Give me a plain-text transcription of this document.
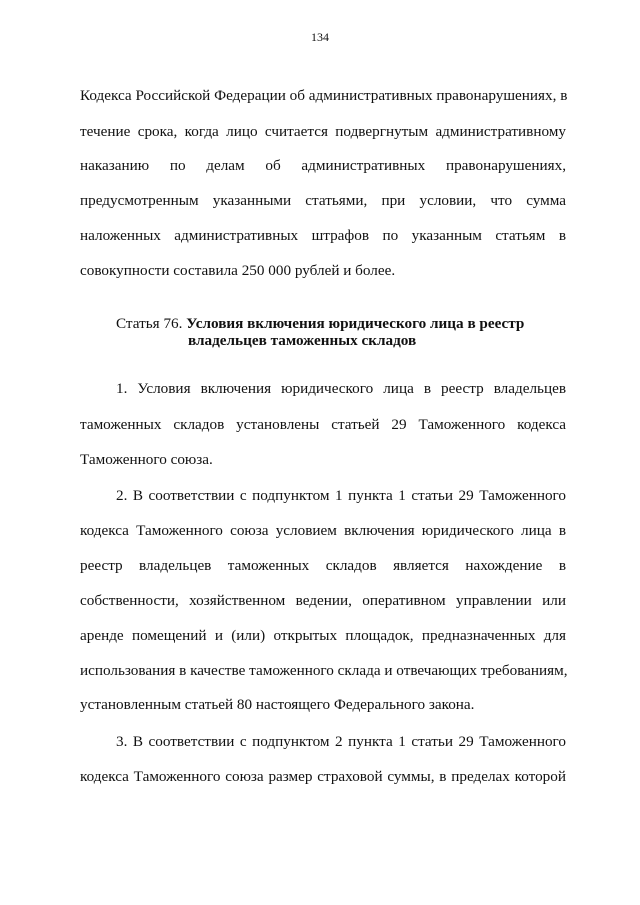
134
Кодекса Российской Федерации об административных правонарушениях, в
течение срока, когда лицо считается подвергнутым административному
наказанию по делам об административных правонарушениях,
предусмотренным указанными статьями, при условии, что сумма
наложенных административных штрафов по указанным статьям в
совокупности составила 250 000 рублей и более.
Статья 76. Условия включения юридического лица в реестр
владельцев таможенных складов
1. Условия включения юридического лица в реестр владельцев
таможенных складов установлены статьей 29 Таможенного кодекса
Таможенного союза.
2. В соответствии с подпунктом 1 пункта 1 статьи 29 Таможенного
кодекса Таможенного союза условием включения юридического лица в
реестр владельцев таможенных складов является нахождение в
собственности, хозяйственном ведении, оперативном управлении или
аренде помещений и (или) открытых площадок, предназначенных для
использования в качестве таможенного склада и отвечающих требованиям,
установленным статьей 80 настоящего Федерального закона.
3. В соответствии с подпунктом 2 пункта 1 статьи 29 Таможенного
кодекса Таможенного союза размер страховой суммы, в пределах которой
